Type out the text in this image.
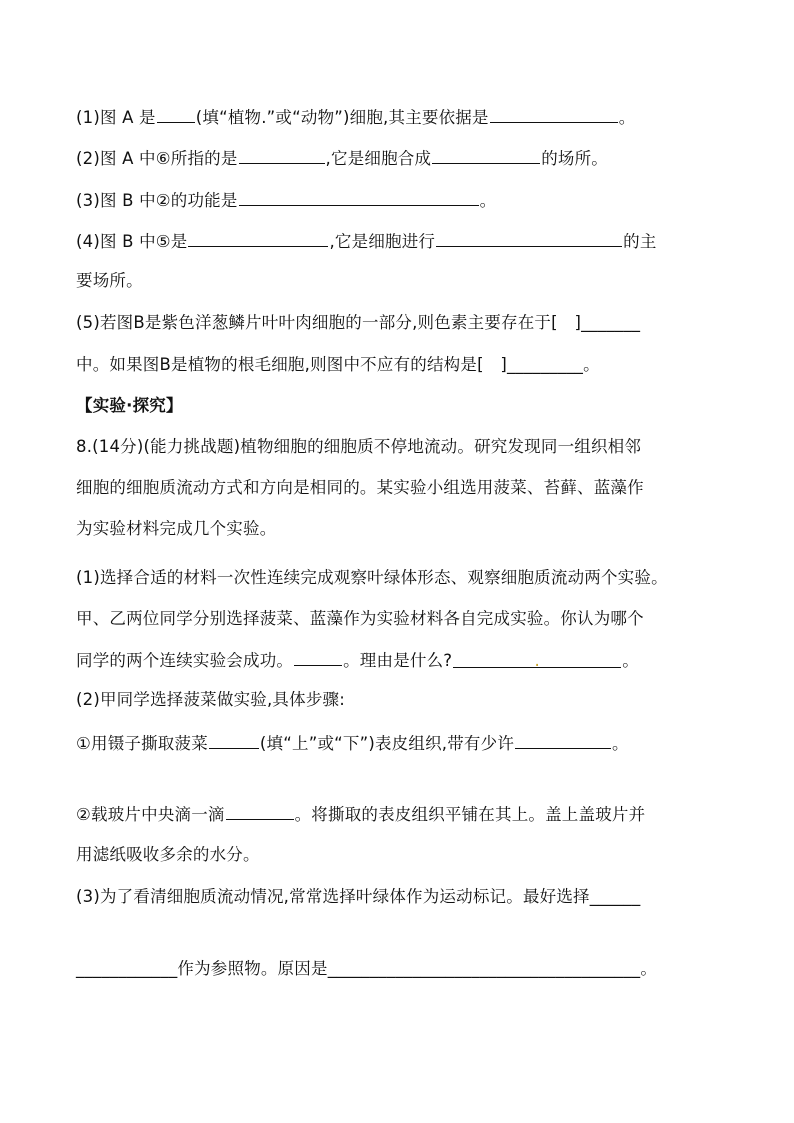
(1)图 A 是 (填“植物.”或“动物”)细胞,其主要依据是	。
(2)图 A 中⑥所指的是	,它是细胞合成	的场所。
(3)图 B 中②的功能是	。
(4)图 B 中⑤是	,它是细胞进行	的主
要场所。
(5)若图B是紫色洋葱鳞片叶叶肉细胞的一部分,则色素主要存在于[　]_______
中。如果图B是植物的根毛细胞,则图中不应有的结构是[　]_________。
【实验·探究】
8.(14分)(能力挑战题)植物细胞的细胞质不停地流动。研究发现同一组织相邻
细胞的细胞质流动方式和方向是相同的。某实验小组选用菠菜、苔藓、蓝藻作
为实验材料完成几个实验。
(1)选择合适的材料一次性连续完成观察叶绿体形态、观察细胞质流动两个实验。
甲、乙两位同学分别选择菠菜、蓝藻作为实验材料各自完成实验。你认为哪个
同学的两个连续实验会成功。	。理由是什么?	.	。
(2)甲同学选择菠菜做实验,具体步骤:
①用镊子撕取菠菜	(填“上”或“下”)表皮组织,带有少许	。
②载玻片中央滴一滴	。将撕取的表皮组织平铺在其上。盖上盖玻片并
用滤纸吸收多余的水分。
(3)为了看清细胞质流动情况,常常选择叶绿体作为运动标记。最好选择______
____________作为参照物。原因是_____________________________________。
